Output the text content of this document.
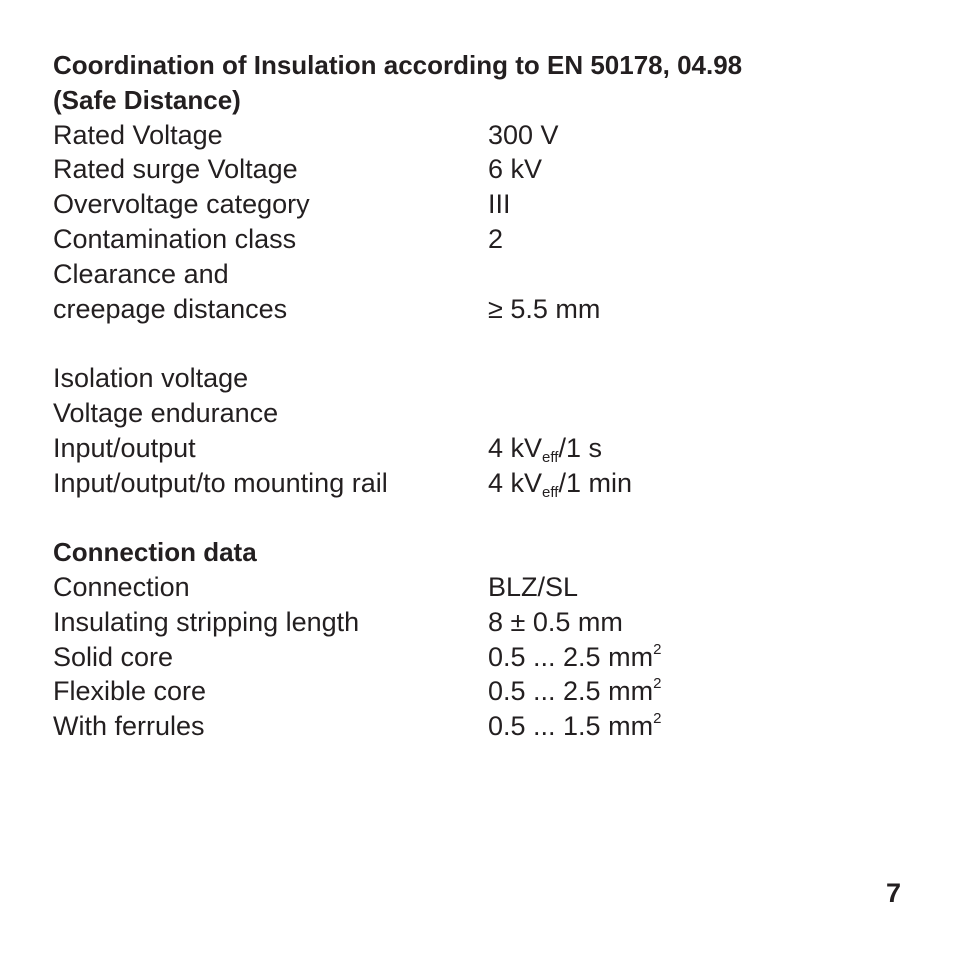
Coordination of Insulation according to EN 50178, 04.98
(Safe Distance)
Rated Voltage	300 V
Rated surge Voltage	6 kV
Overvoltage category	III
Contamination class	2
Clearance and
creepage distances	≥ 5.5 mm
Isolation voltage
Voltage endurance
Input/output	4 $kV_{eff}/1$ s
Input/output/to mounting rail	4 $kV_{eff}/1$ min
Connection data
Connection	BLZ/SL
Insulating stripping length	8 ± 0.5 mm
Solid core	0.5 ... 2.5 $mm^2$
Flexible core	0.5 ... 2.5 $mm^2$
With ferrules	0.5 ... 1.5 $mm^2$
7
